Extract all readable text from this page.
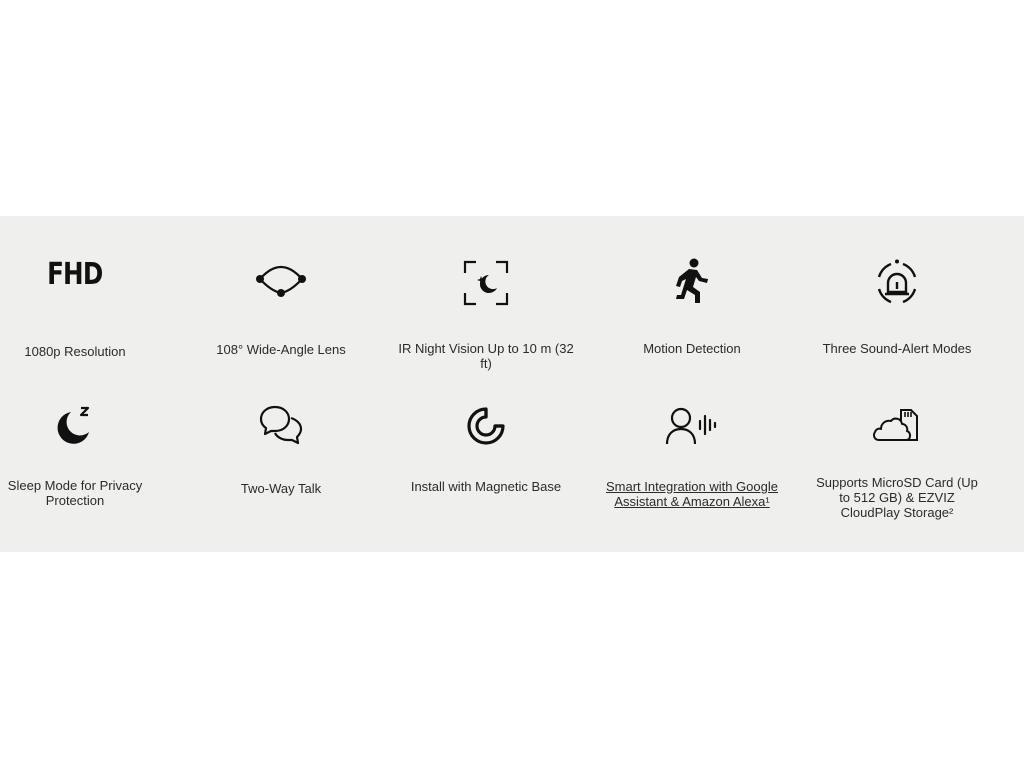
FHD
1080p Resolution	108° Wide-Angle Lens	IR Night Vision Up to 10 m (32 ft)
Motion Detection	Three Sound-Alert Modes
Sleep Mode for Privacy Protection
Two-Way Talk	Install with Magnetic Base	Smart Integration with Google Assistant & Amazon Alexa¹
Supports MicroSD Card (Up to 512 GB) & EZVIZ CloudPlay Storage²
